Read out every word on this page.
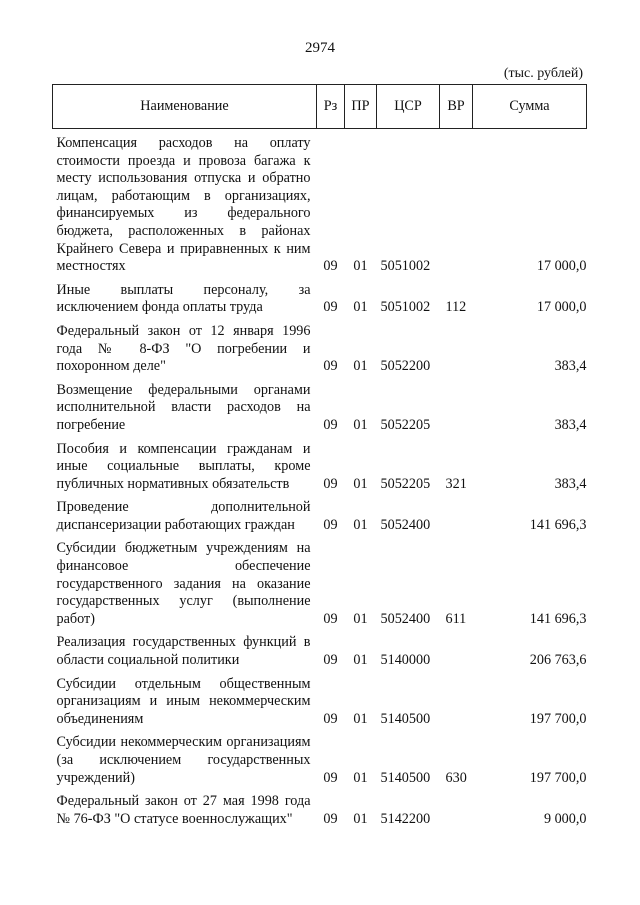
2974
(тыс. рублей)
Наименование	Рз	ПР	ЦСР	ВР	Сумма
Компенсация расходов на оплату стоимости проезда и провоза багажа к месту использования отпуска и обратно лицам, работающим в организациях, финансируемых из федерального бюджета, расположенных в районах Крайнего Севера и приравненных к ним местностях	09	01	5051002		17 000,0
Иные выплаты персоналу, за исключением фонда оплаты труда	09	01	5051002	112	17 000,0
Федеральный закон от 12 января 1996 года № 8-ФЗ "О погребении и похоронном деле"	09	01	5052200		383,4
Возмещение федеральными органами исполнительной власти расходов на погребение	09	01	5052205		383,4
Пособия и компенсации гражданам и иные социальные выплаты, кроме публичных нормативных обязательств	09	01	5052205	321	383,4
Проведение дополнительной диспансеризации работающих граждан	09	01	5052400		141 696,3
Субсидии бюджетным учреждениям на финансовое обеспечение государственного задания на оказание государственных услуг (выполнение работ)	09	01	5052400	611	141 696,3
Реализация государственных функций в области социальной политики	09	01	5140000		206 763,6
Субсидии отдельным общественным организациям и иным некоммерческим объединениям	09	01	5140500		197 700,0
Субсидии некоммерческим организациям (за исключением государственных учреждений)	09	01	5140500	630	197 700,0
Федеральный закон от 27 мая 1998 года № 76-ФЗ "О статусе военнослужащих"	09	01	5142200		9 000,0
